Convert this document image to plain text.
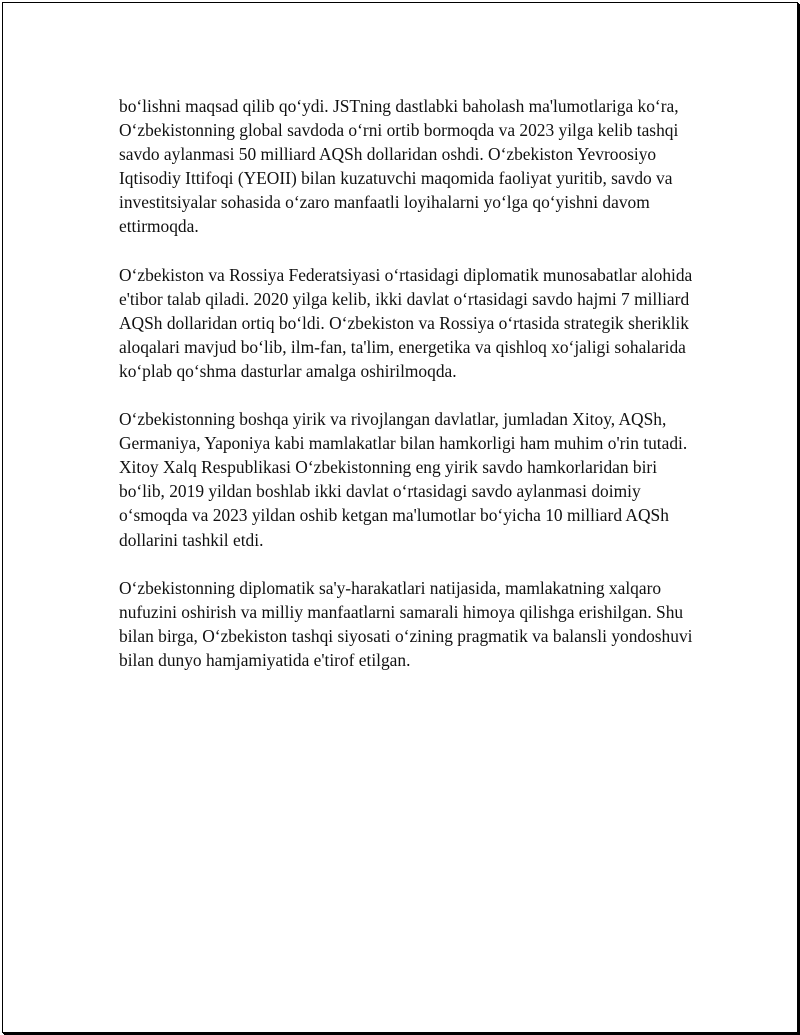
bo‘lishni maqsad qilib qo‘ydi. JSTning dastlabki baholash ma'lumotlariga ko‘ra, O‘zbekistonning global savdoda o‘rni ortib bormoqda va 2023 yilga kelib tashqi savdo aylanmasi 50 milliard AQSh dollaridan oshdi. O‘zbekiston Yevroosiyo Iqtisodiy Ittifoqi (YEOII) bilan kuzatuvchi maqomida faoliyat yuritib, savdo va investitsiyalar sohasida o‘zaro manfaatli loyihalarni yo‘lga qo‘yishni davom ettirmoqda.

O‘zbekiston va Rossiya Federatsiyasi o‘rtasidagi diplomatik munosabatlar alohida e'tibor talab qiladi. 2020 yilga kelib, ikki davlat o‘rtasidagi savdo hajmi 7 milliard AQSh dollaridan ortiq bo‘ldi. O‘zbekiston va Rossiya o‘rtasida strategik sheriklik aloqalari mavjud bo‘lib, ilm-fan, ta'lim, energetika va qishloq xo‘jaligi sohalarida ko‘plab qo‘shma dasturlar amalga oshirilmoqda.

O‘zbekistonning boshqa yirik va rivojlangan davlatlar, jumladan Xitoy, AQSh, Germaniya, Yaponiya kabi mamlakatlar bilan hamkorligi ham muhim o'rin tutadi. Xitoy Xalq Respublikasi O‘zbekistonning eng yirik savdo hamkorlaridan biri bo‘lib, 2019 yildan boshlab ikki davlat o‘rtasidagi savdo aylanmasi doimiy o‘smoqda va 2023 yildan oshib ketgan ma'lumotlar bo‘yicha 10 milliard AQSh dollarini tashkil etdi.

O‘zbekistonning diplomatik sa'y-harakatlari natijasida, mamlakatning xalqaro nufuzini oshirish va milliy manfaatlarni samarali himoya qilishga erishilgan. Shu bilan birga, O‘zbekiston tashqi siyosati o‘zining pragmatik va balansli yondoshuvi bilan dunyo hamjamiyatida e'tirof etilgan.
